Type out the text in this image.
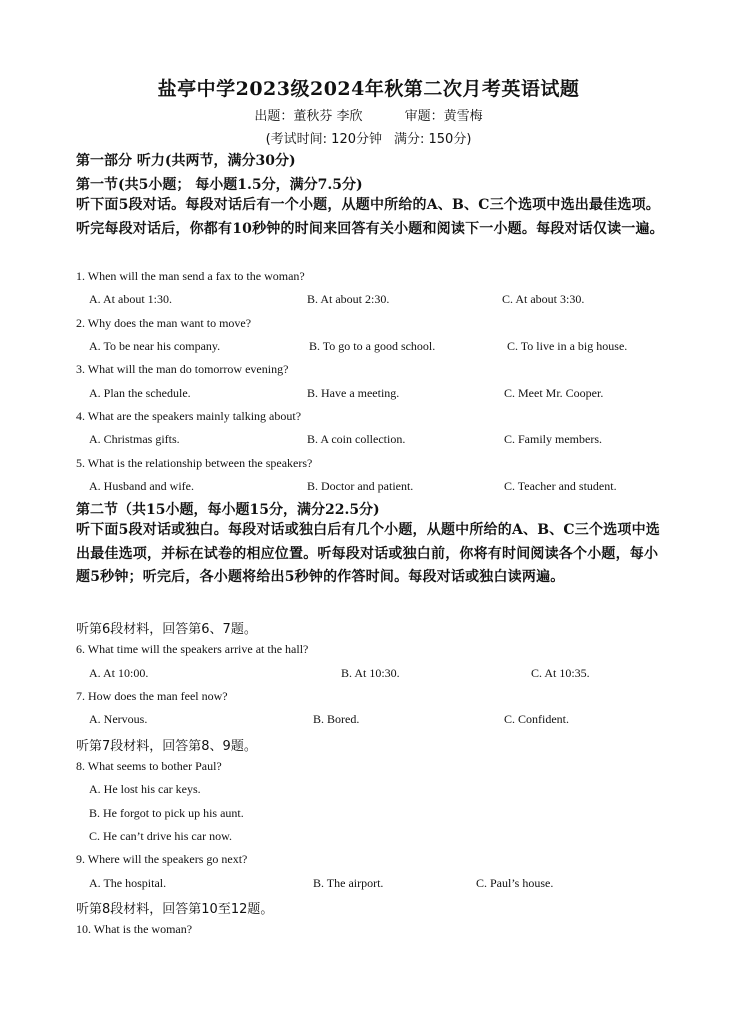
盐亭中学2023级2024年秋第二次月考英语试题
出题：董秋芬 李欣	审题：黄雪梅
(考试时间: 120分钟 满分: 150分)
第一部分 听力(共两节，满分30分)
第一节(共5小题； 每小题1.5分，满分7.5分)
听下面5段对话。每段对话后有一个小题，从题中所给的A、B、C三个选项中选出最佳选项。听完每段对话后，你都有10秒钟的时间来回答有关小题和阅读下一小题。每段对话仅读一遍。
1. When will the man send a fax to the woman?
A. At about 1:30.	B. At about 2:30.	C. At about 3:30.
2. Why does the man want to move?
A. To be near his company.	B. To go to a good school.	C. To live in a big house.
3. What will the man do tomorrow evening?
A. Plan the schedule.	B. Have a meeting.	C. Meet Mr. Cooper.
4. What are the speakers mainly talking about?
A. Christmas gifts.	B. A coin collection.	C. Family members.
5. What is the relationship between the speakers?
A. Husband and wife.	B. Doctor and patient.	C. Teacher and student.
第二节（共15小题，每小题15分，满分22.5分)
听下面5段对话或独白。每段对话或独白后有几个小题，从题中所给的A、B、C三个选项中选出最佳选项，并标在试卷的相应位置。听每段对话或独白前，你将有时间阅读各个小题，每小题5秒钟；听完后，各小题将给出5秒钟的作答时间。每段对话或独白读两遍。
听第6段材料，回答第6、7题。
6. What time will the speakers arrive at the hall?
A. At 10:00.	B. At 10:30.	C. At 10:35.
7. How does the man feel now?
A. Nervous.	B. Bored.	C. Confident.
听第7段材料，回答第8、9题。
8. What seems to bother Paul?
A. He lost his car keys.
B. He forgot to pick up his aunt.
C. He can’t drive his car now.
9. Where will the speakers go next?
A. The hospital.	B. The airport.	C. Paul’s house.
听第8段材料，回答第10至12题。
10. What is the woman?
